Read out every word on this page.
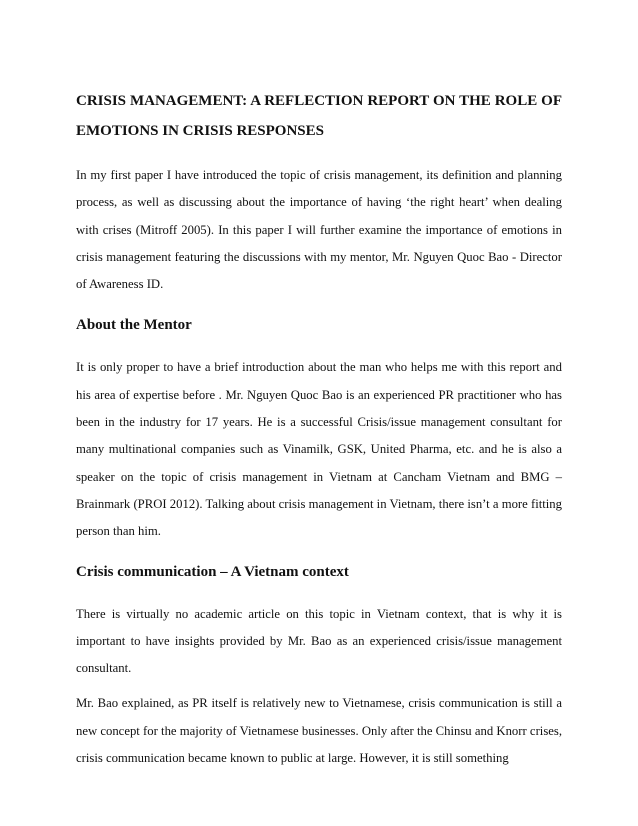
CRISIS MANAGEMENT: A REFLECTION REPORT ON THE ROLE OF EMOTIONS IN CRISIS RESPONSES

In my first paper I have introduced the topic of crisis management, its definition and planning process, as well as discussing about the importance of having ‘the right heart’ when dealing with crises (Mitroff 2005). In this paper I will further examine the importance of emotions in crisis management featuring the discussions with my mentor, Mr. Nguyen Quoc Bao - Director of Awareness ID.

About the Mentor

It is only proper to have a brief introduction about the man who helps me with this report and his area of expertise before . Mr. Nguyen Quoc Bao is an experienced PR practitioner who has been in the industry for 17 years. He is a successful Crisis/issue management consultant for many multinational companies such as Vinamilk, GSK, United Pharma, etc. and he is also a speaker on the topic of crisis management in Vietnam at Cancham Vietnam and BMG – Brainmark (PROI 2012). Talking about crisis management in Vietnam, there isn’t a more fitting person than him.

Crisis communication – A Vietnam context

There is virtually no academic article on this topic in Vietnam context, that is why it is important to have insights provided by Mr. Bao as an experienced crisis/issue management consultant.

Mr. Bao explained, as PR itself is relatively new to Vietnamese, crisis communication is still a new concept for the majority of Vietnamese businesses. Only after the Chinsu and Knorr crises, crisis communication became known to public at large. However, it is still something
